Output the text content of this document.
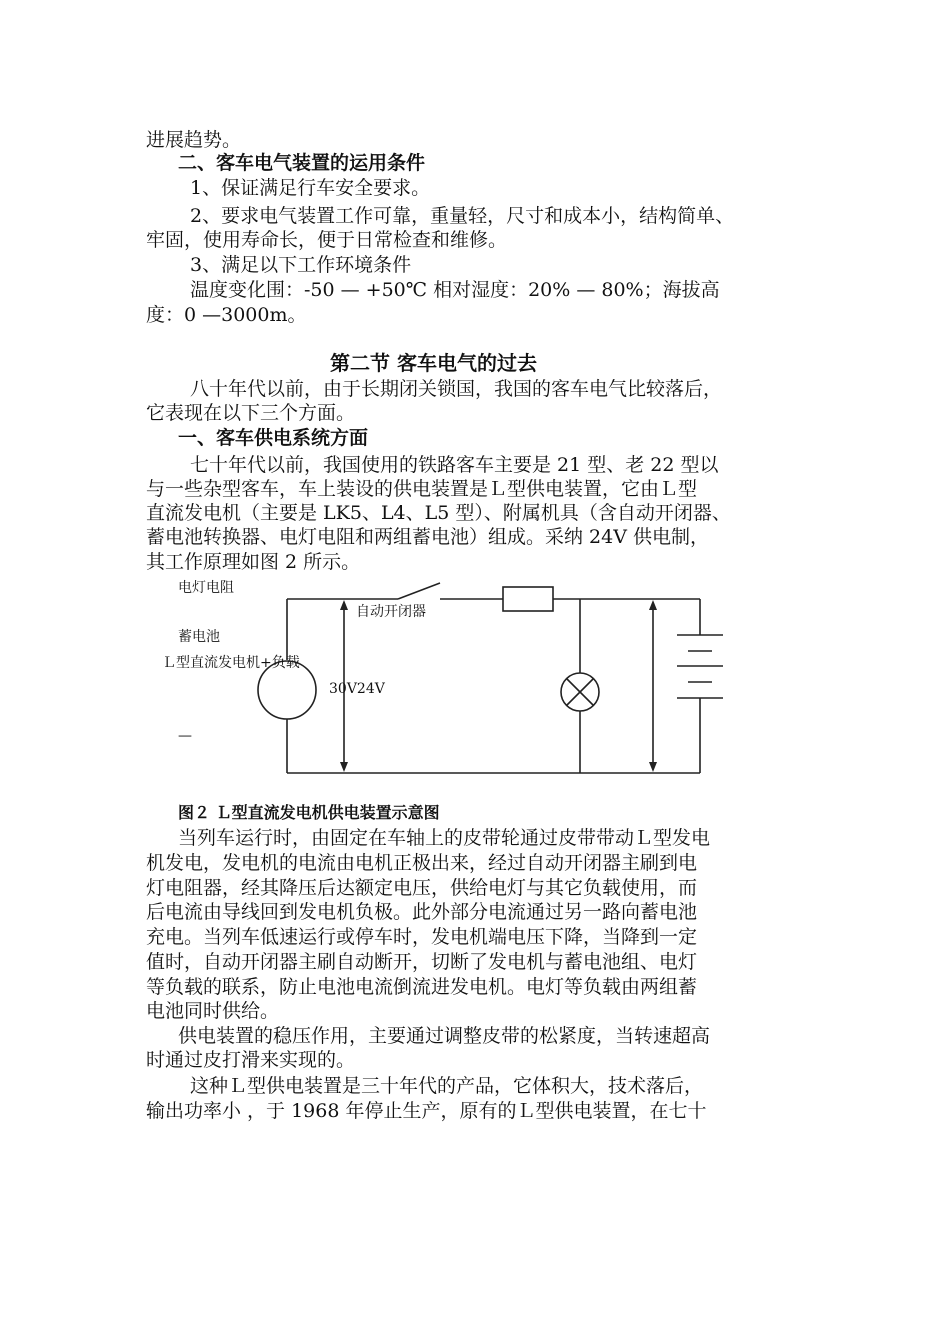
进展趋势。
二、客车电气装置的运用条件
1、保证满足行车安全要求。
2、要求电气装置工作可靠，重量轻，尺寸和成本小，结构简单、
牢固，使用寿命长，便于日常检查和维修。
3、满足以下工作环境条件
温度变化围：-50 — +50℃ 相对湿度：20% — 80%；海拔高
度：0 —3000m。
第二节 客车电气的过去
八十年代以前，由于长期闭关锁国，我国的客车电气比较落后，
它表现在以下三个方面。
一、客车供电系统方面
七十年代以前，我国使用的铁路客车主要是 21 型、老 22 型以
与一些杂型客车，车上装设的供电装置是Ｌ型供电装置，它由Ｌ型
直流发电机（主要是 LK5、L4、L5 型）、附属机具（含自动开闭器、
蓄电池转换器、电灯电阻和两组蓄电池）组成。采纳 24V 供电制，
其工作原理如图 2 所示。
电灯电阻
自动开闭器
蓄电池
Ｌ型直流发电机+负载
30V24V
—
图２ Ｌ型直流发电机供电装置示意图
当列车运行时，由固定在车轴上的皮带轮通过皮带带动Ｌ型发电
机发电，发电机的电流由电机正极出来，经过自动开闭器主刷到电
灯电阻器，经其降压后达额定电压，供给电灯与其它负载使用，而
后电流由导线回到发电机负极。此外部分电流通过另一路向蓄电池
充电。当列车低速运行或停车时，发电机端电压下降，当降到一定
值时，自动开闭器主刷自动断开，切断了发电机与蓄电池组、电灯
等负载的联系，防止电池电流倒流进发电机。电灯等负载由两组蓄
电池同时供给。
供电装置的稳压作用，主要通过调整皮带的松紧度，当转速超高
时通过皮打滑来实现的。
这种Ｌ型供电装置是三十年代的产品，它体积大，技术落后，
输出功率小 ，于 1968 年停止生产，原有的Ｌ型供电装置，在七十
